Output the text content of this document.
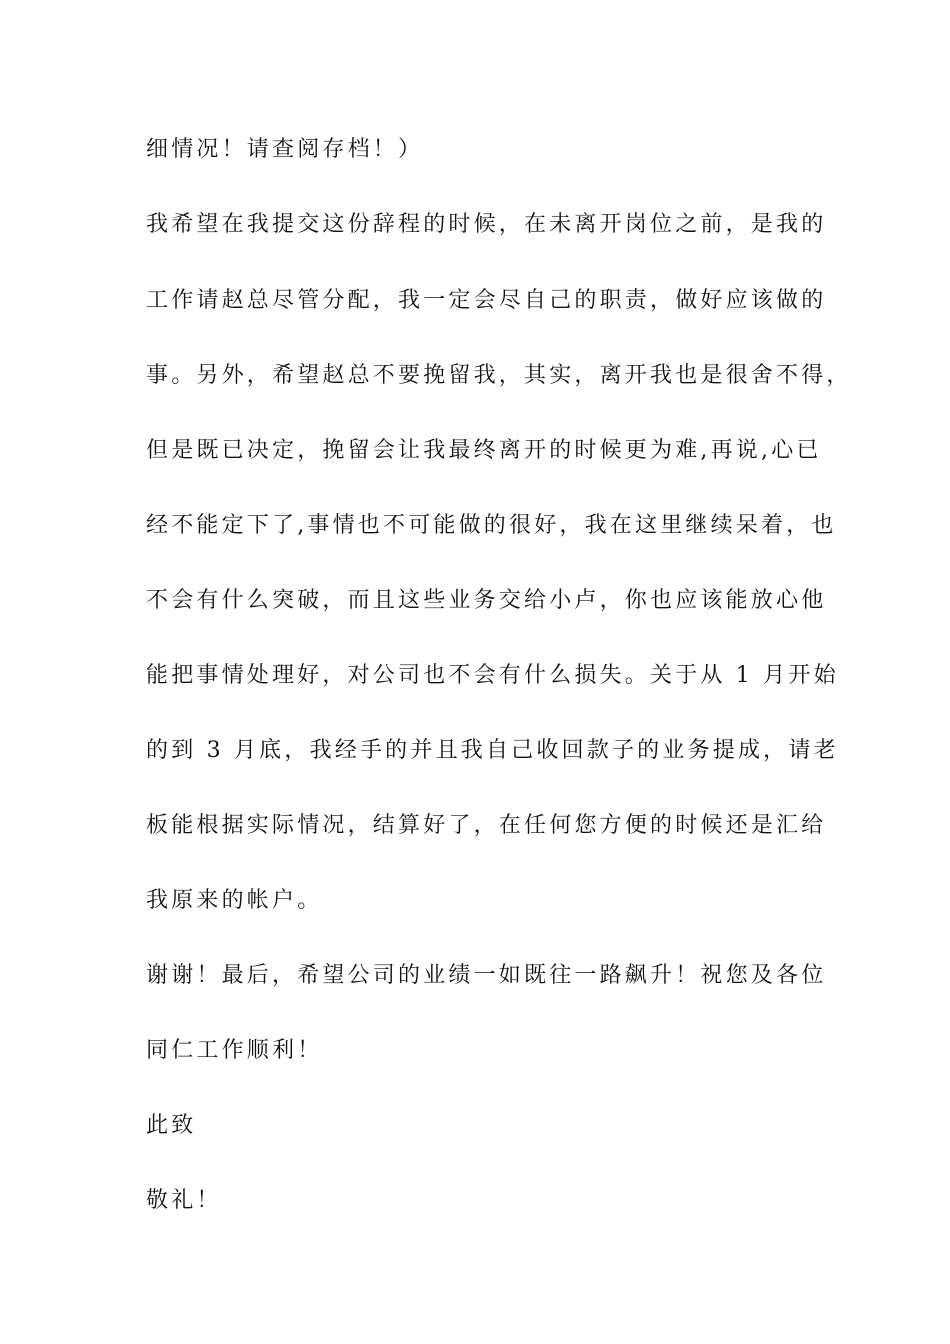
细情况！请查阅存档！）
我希望在我提交这份辞程的时候，在未离开岗位之前，是我的
工作请赵总尽管分配，我一定会尽自己的职责，做好应该做的
事。另外，希望赵总不要挽留我，其实，离开我也是很舍不得，
但是既已决定，挽留会让我最终离开的时候更为难,再说,心已
经不能定下了,事情也不可能做的很好，我在这里继续呆着，也
不会有什么突破，而且这些业务交给小卢，你也应该能放心他
能把事情处理好，对公司也不会有什么损失。关于从 1 月开始
的到 3 月底，我经手的并且我自己收回款子的业务提成，请老
板能根据实际情况，结算好了，在任何您方便的时候还是汇给
我原来的帐户。
谢谢！最后，希望公司的业绩一如既往一路飙升！祝您及各位
同仁工作顺利！
此致
敬礼！
